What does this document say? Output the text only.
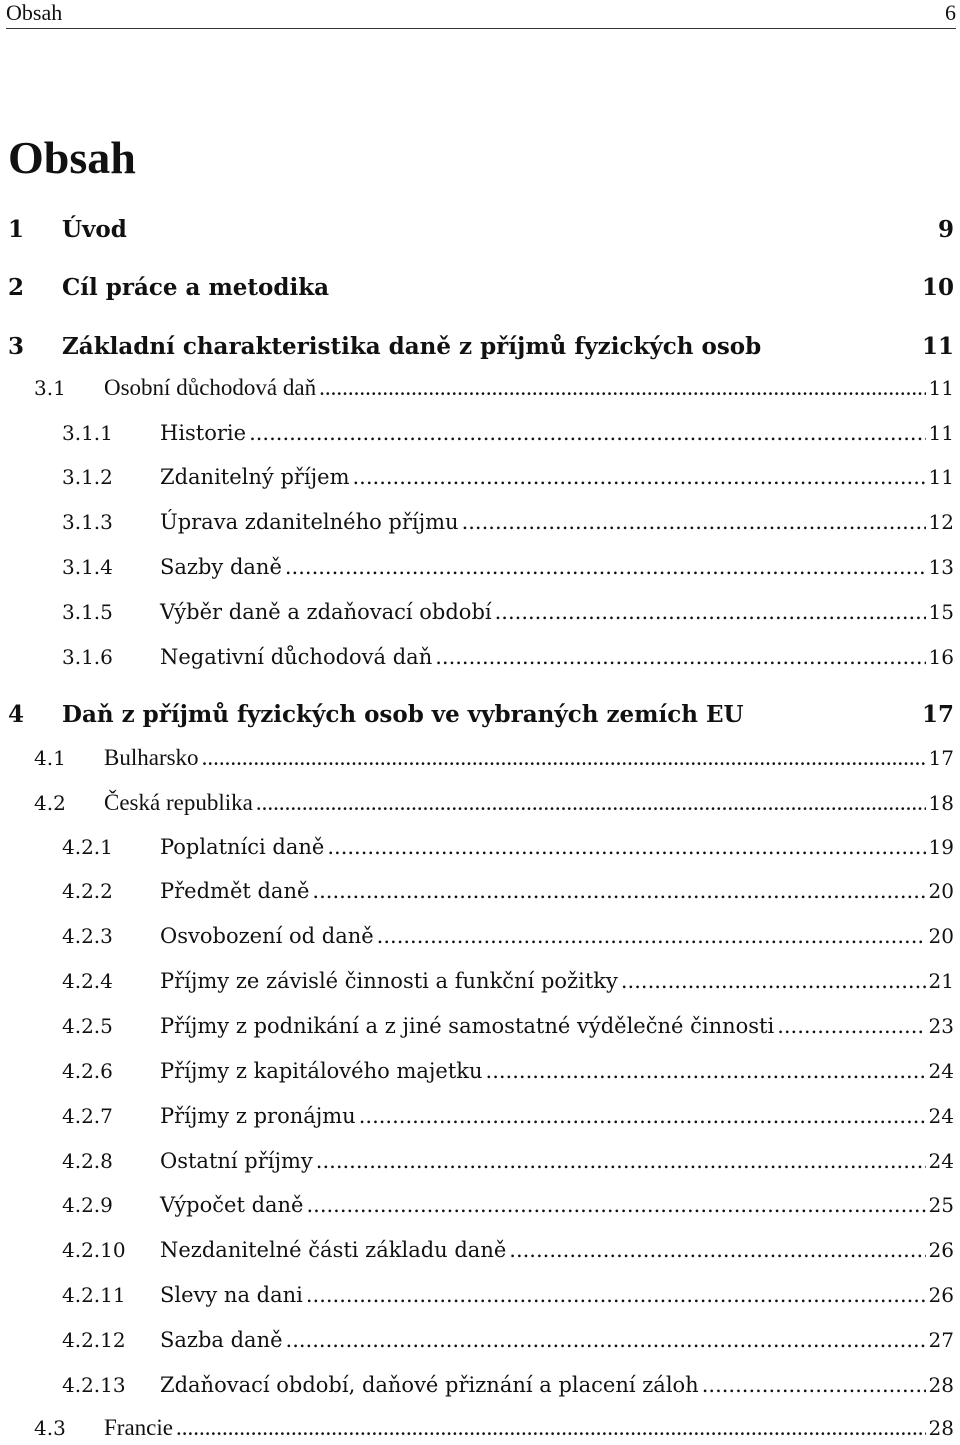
Obsah	6
Obsah
1 Úvod	9
2 Cíl práce a metodika	10
3 Základní charakteristika daně z příjmů fyzických osob	11
3.1	Osobní důchodová daň .....	11
3.1.1	Historie .....	11
3.1.2	Zdanitelný příjem .....	11
3.1.3	Úprava zdanitelného příjmu .....	12
3.1.4	Sazby daně .....	13
3.1.5	Výběr daně a zdaňovací období .....	15
3.1.6	Negativní důchodová daň .....	16
4 Daň z příjmů fyzických osob ve vybraných zemích EU	17
4.1	Bulharsko .....	17
4.2	Česká republika .....	18
4.2.1	Poplatníci daně .....	19
4.2.2	Předmět daně .....	20
4.2.3	Osvobození od daně .....	20
4.2.4	Příjmy ze závislé činnosti a funkční požitky .....	21
4.2.5	Příjmy z podnikání a z jiné samostatné výdělečné činnosti .....	23
4.2.6	Příjmy z kapitálového majetku .....	24
4.2.7	Příjmy z pronájmu .....	24
4.2.8	Ostatní příjmy .....	24
4.2.9	Výpočet daně .....	25
4.2.10	Nezdanitelné části základu daně .....	26
4.2.11	Slevy na dani .....	26
4.2.12	Sazba daně .....	27
4.2.13	Zdaňovací období, daňové přiznání a placení záloh .....	28
4.3	Francie .....	28
